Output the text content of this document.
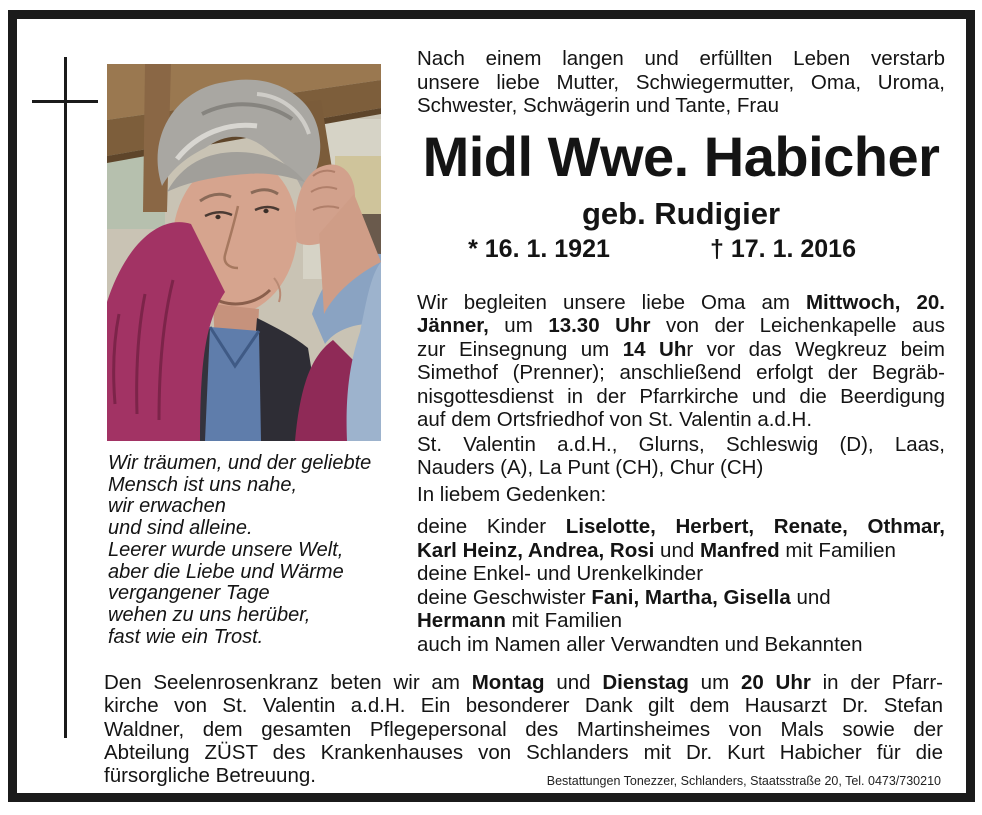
Wir träumen, und der geliebte
Mensch ist uns nahe,
wir erwachen
und sind alleine.
Leerer wurde unsere Welt,
aber die Liebe und Wärme
vergangener Tage
wehen zu uns herüber,
fast wie ein Trost.
Nach einem langen und erfüllten Leben verstarb
unsere liebe Mutter, Schwiegermutter, Oma, Uroma,
Schwester, Schwägerin und Tante, Frau
Midl Wwe. Habicher
geb. Rudigier
* 16. 1. 1921	† 17. 1. 2016
Wir begleiten unsere liebe Oma am Mittwoch, 20.
Jänner, um 13.30 Uhr von der Leichenkapelle aus
zur Einsegnung um 14 Uhr vor das Wegkreuz beim
Simethof (Prenner); anschließend erfolgt der Begräb-
nisgottesdienst in der Pfarrkirche und die Beerdigung
auf dem Ortsfriedhof von St. Valentin a.d.H.
St. Valentin a.d.H., Glurns, Schleswig (D), Laas,
Nauders (A), La Punt (CH), Chur (CH)
In liebem Gedenken:
deine Kinder Liselotte, Herbert, Renate, Othmar,
Karl Heinz, Andrea, Rosi und Manfred mit Familien
deine Enkel- und Urenkelkinder
deine Geschwister Fani, Martha, Gisella und
Hermann mit Familien
auch im Namen aller Verwandten und Bekannten
Den Seelenrosenkranz beten wir am Montag und Dienstag um 20 Uhr in der Pfarr-
kirche von St. Valentin a.d.H. Ein besonderer Dank gilt dem Hausarzt Dr. Stefan
Waldner, dem gesamten Pflegepersonal des Martinsheimes von Mals sowie der
Abteilung ZÜST des Krankenhauses von Schlanders mit Dr. Kurt Habicher für die
fürsorgliche Betreuung.	Bestattungen Tonezzer, Schlanders, Staatsstraße 20, Tel. 0473/730210
